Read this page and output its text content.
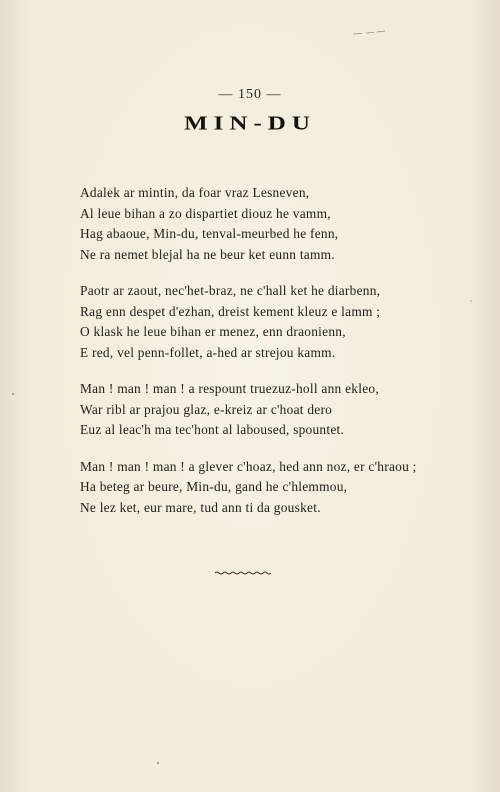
— 150 —
MIN-DU
Adalek ar mintin, da foar vraz Lesneven,
Al leue bihan a zo dispartiet diouz he vamm,
Hag abaoue, Min-du, tenval-meurbed he fenn,
Ne ra nemet blejal ha ne beur ket eunn tamm.
Paotr ar zaout, nec'het-braz, ne c'hall ket he diarbenn,
Rag enn despet d'ezhan, dreist kement kleuz e lamm ;
O klask he leue bihan er menez, enn draonienn,
E red, vel penn-follet, a-hed ar strejou kamm.
Man ! man ! man ! a respount truezuz-holl ann ekleo,
War ribl ar prajou glaz, e-kreiz ar c'hoat dero
Euz al leac'h ma tec'hont al laboused, spountet.
Man ! man ! man ! a glever c'hoaz, hed ann noz, er c'hraou ;
Ha beteg ar beure, Min-du, gand he c'hlemmou,
Ne lez ket, eur mare, tud ann ti da gousket.
